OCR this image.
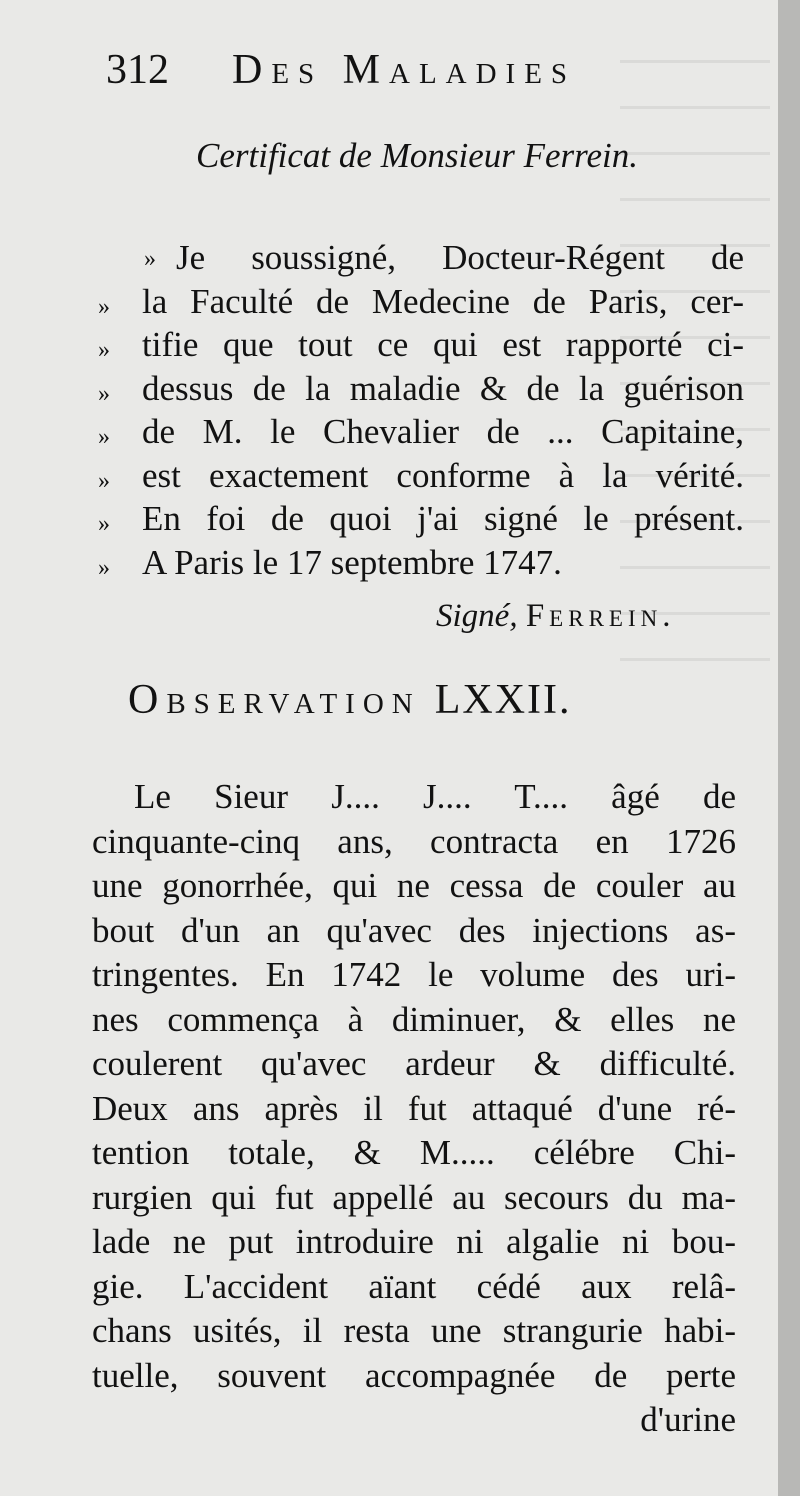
312 Des Maladies
Certificat de Monsieur Ferrein.
» Je soussigné, Docteur-Régent de
» la Faculté de Medecine de Paris, cer-
» tifie que tout ce qui est rapporté ci-
» dessus de la maladie & de la guérison
» de M. le Chevalier de ... Capitaine,
» est exactement conforme à la vérité.
» En foi de quoi j'ai signé le présent.
» A Paris le 17 septembre 1747.
Signé, Ferrein.
Observation LXXII.
Le Sieur J.... J.... T.... âgé de
cinquante-cinq ans, contracta en 1726
une gonorrhée, qui ne cessa de couler au
bout d'un an qu'avec des injections as-
tringentes. En 1742 le volume des uri-
nes commença à diminuer, & elles ne
coulerent qu'avec ardeur & difficulté.
Deux ans après il fut attaqué d'une ré-
tention totale, & M..... célébre Chi-
rurgien qui fut appellé au secours du ma-
lade ne put introduire ni algalie ni bou-
gie. L'accident aïant cédé aux relâ-
chans usités, il resta une strangurie habi-
tuelle, souvent accompagnée de perte
d'urine
